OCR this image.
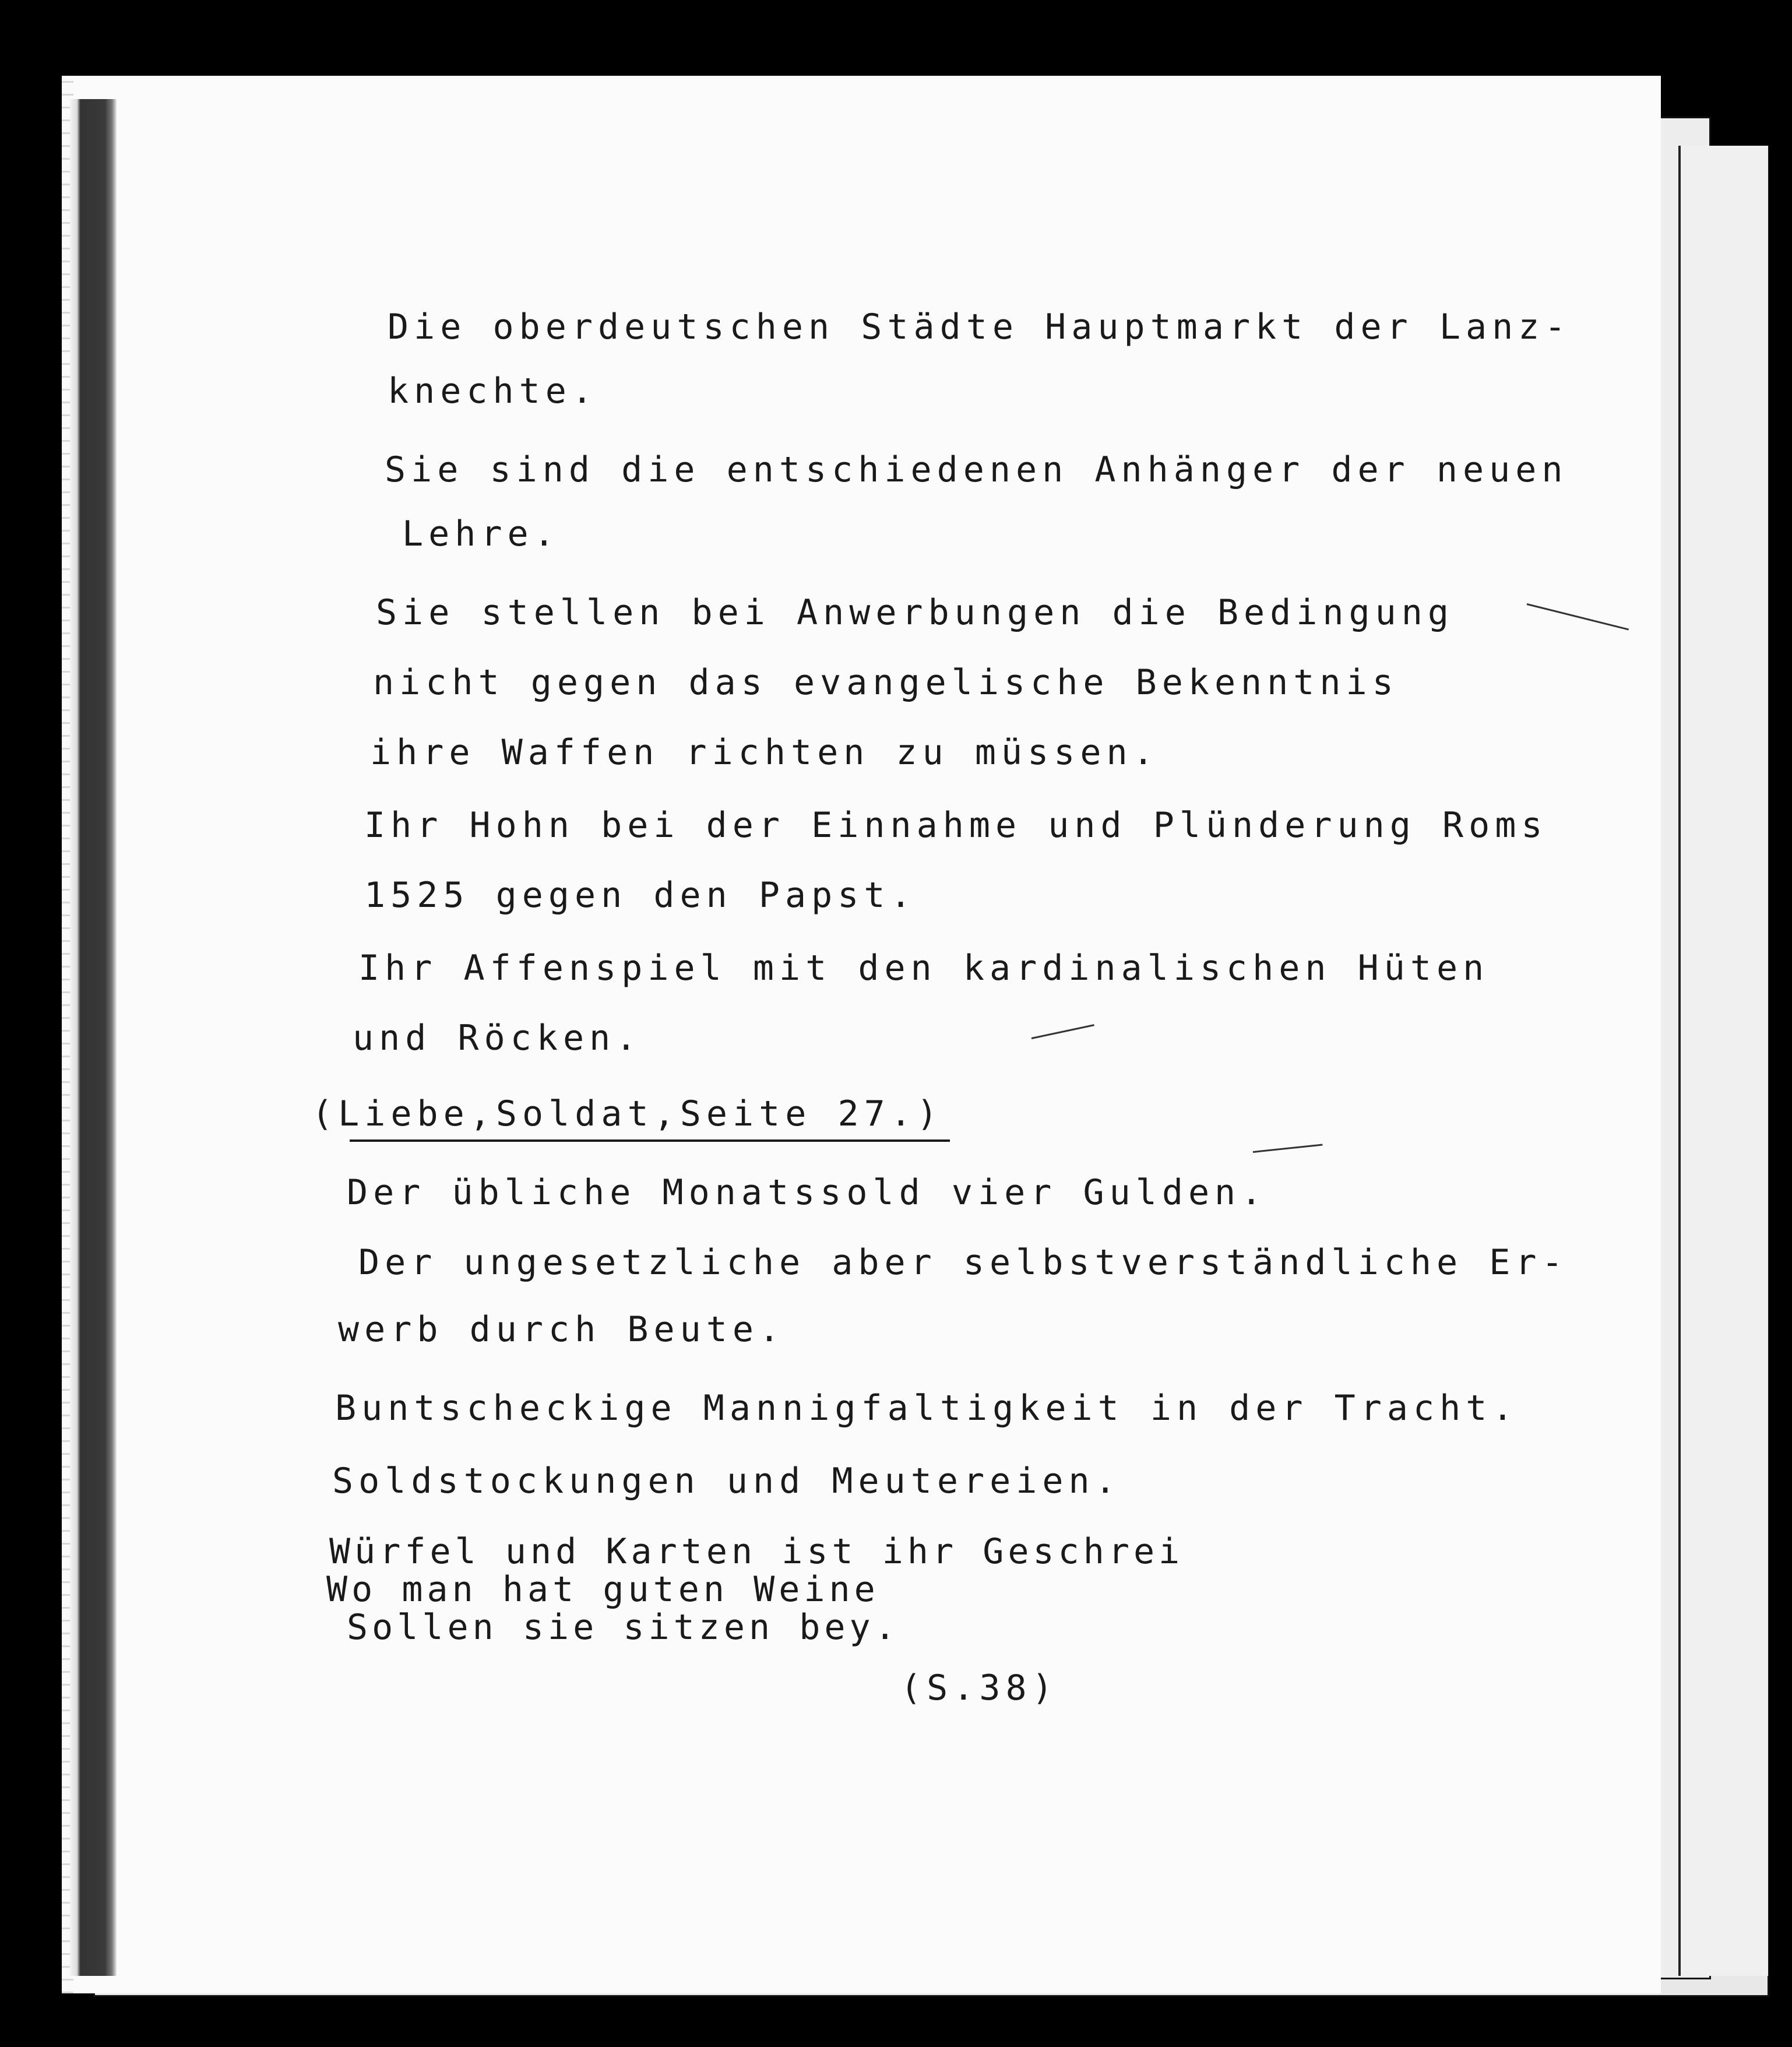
Die oberdeutschen Städte Hauptmarkt der Lanz-

knechte.

Sie sind die entschiedenen Anhänger der neuen

Lehre.

Sie stellen bei Anwerbungen die Bedingung

nicht gegen das evangelische Bekenntnis

ihre Waffen richten zu müssen.

Ihr Hohn bei der Einnahme und Plünderung Roms

1525 gegen den Papst.

Ihr Affenspiel mit den kardinalischen Hüten

und Röcken.

(Liebe,Soldat,Seite 27.)

Der übliche Monatssold vier Gulden.

Der ungesetzliche aber selbstverständliche Er-

werb durch Beute.

Buntscheckige Mannigfaltigkeit in der Tracht.

Soldstockungen und Meutereien.

Würfel und Karten ist ihr Geschrei

Wo man hat guten Weine

Sollen sie sitzen bey.

(S.38)
